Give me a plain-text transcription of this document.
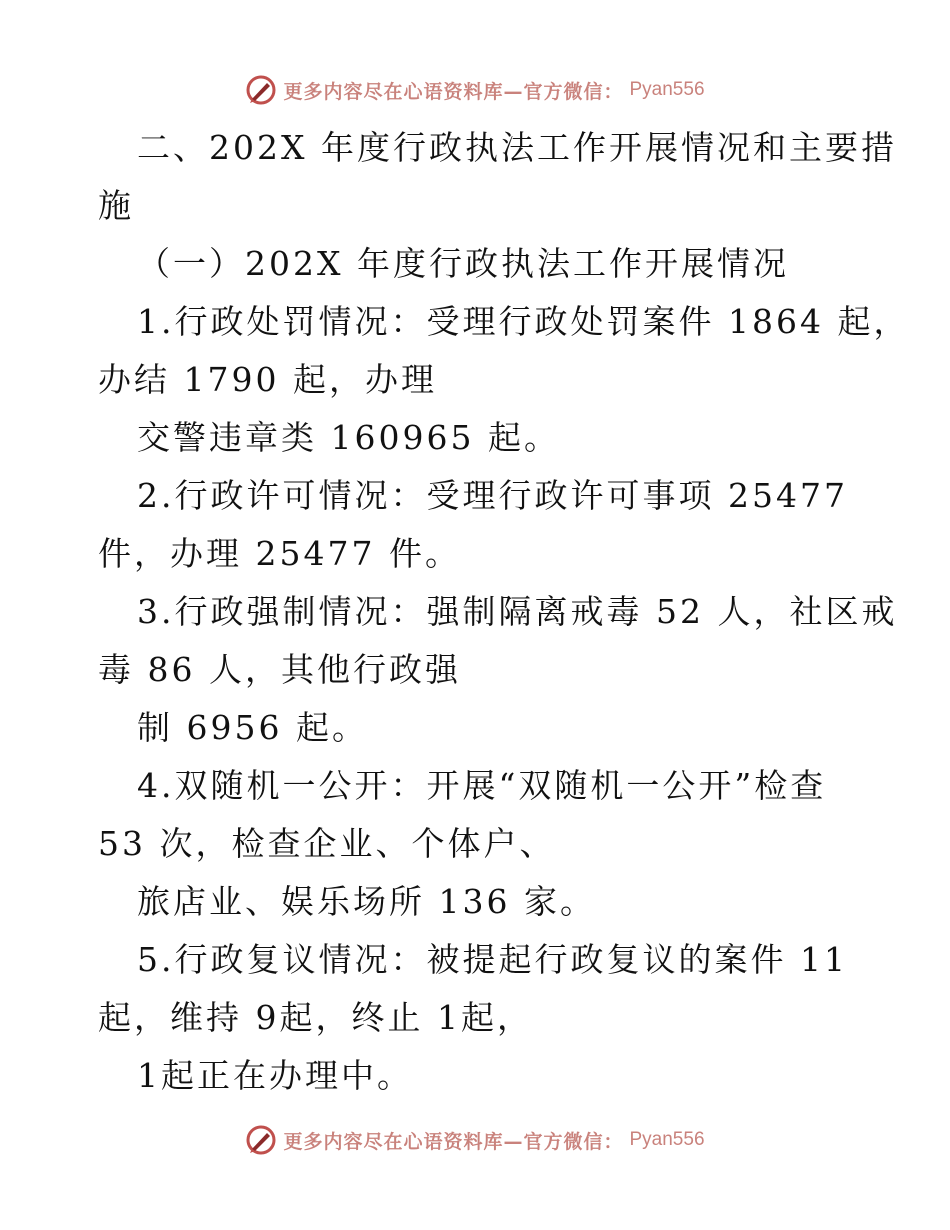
更多内容尽在心语资料库—官方微信： Pyan556
二、202X 年度行政执法工作开展情况和主要措
施
（一）202X 年度行政执法工作开展情况
1.行政处罚情况：受理行政处罚案件 1864 起，
办结 1790 起，办理
交警违章类 160965 起。
2.行政许可情况：受理行政许可事项 25477
件，办理 25477 件。
3.行政强制情况：强制隔离戒毒 52 人，社区戒
毒 86 人，其他行政强
制 6956 起。
4.双随机一公开：开展“双随机一公开”检查
53 次，检查企业、个体户、
旅店业、娱乐场所 136 家。
5.行政复议情况：被提起行政复议的案件 11
起，维持 9起，终止 1起，
1起正在办理中。
更多内容尽在心语资料库—官方微信： Pyan556
